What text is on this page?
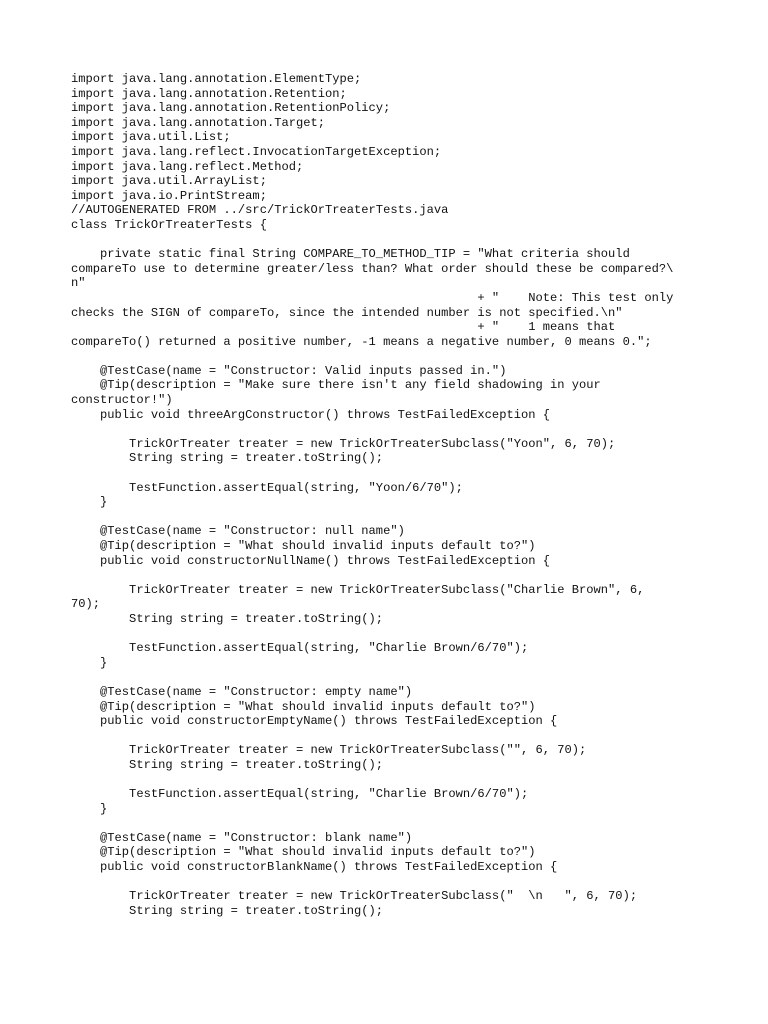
import java.lang.annotation.ElementType;
import java.lang.annotation.Retention;
import java.lang.annotation.RetentionPolicy;
import java.lang.annotation.Target;
import java.util.List;
import java.lang.reflect.InvocationTargetException;
import java.lang.reflect.Method;
import java.util.ArrayList;
import java.io.PrintStream;
//AUTOGENERATED FROM ../src/TrickOrTreaterTests.java
class TrickOrTreaterTests {
private static final String COMPARE_TO_METHOD_TIP = "What criteria should
compareTo use to determine greater/less than? What order should these be compared?\
n"
+ "    Note: This test only
checks the SIGN of compareTo, since the intended number is not specified.\n"
+ "    1 means that
compareTo() returned a positive number, -1 means a negative number, 0 means 0.";
@TestCase(name = "Constructor: Valid inputs passed in.")
@Tip(description = "Make sure there isn't any field shadowing in your
constructor!")
public void threeArgConstructor() throws TestFailedException {
TrickOrTreater treater = new TrickOrTreaterSubclass("Yoon", 6, 70);
String string = treater.toString();
TestFunction.assertEqual(string, "Yoon/6/70");
}
@TestCase(name = "Constructor: null name")
@Tip(description = "What should invalid inputs default to?")
public void constructorNullName() throws TestFailedException {
TrickOrTreater treater = new TrickOrTreaterSubclass("Charlie Brown", 6,
70);
String string = treater.toString();
TestFunction.assertEqual(string, "Charlie Brown/6/70");
}
@TestCase(name = "Constructor: empty name")
@Tip(description = "What should invalid inputs default to?")
public void constructorEmptyName() throws TestFailedException {
TrickOrTreater treater = new TrickOrTreaterSubclass("", 6, 70);
String string = treater.toString();
TestFunction.assertEqual(string, "Charlie Brown/6/70");
}
@TestCase(name = "Constructor: blank name")
@Tip(description = "What should invalid inputs default to?")
public void constructorBlankName() throws TestFailedException {
TrickOrTreater treater = new TrickOrTreaterSubclass("  \n   ", 6, 70);
String string = treater.toString();
